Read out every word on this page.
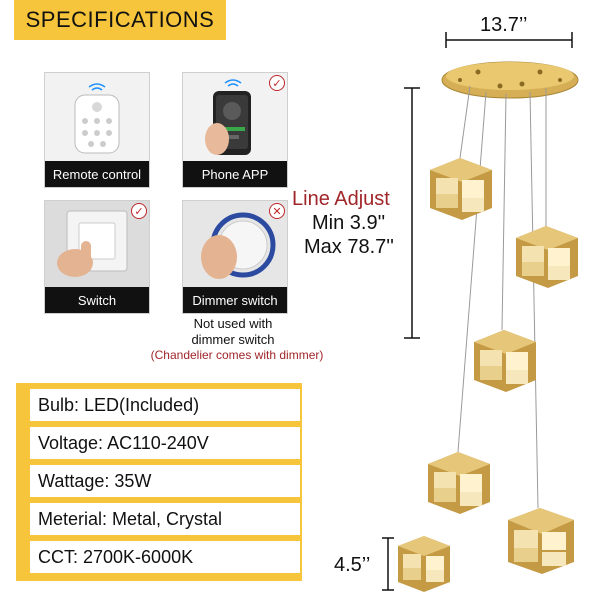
SPECIFICATIONS
Remote control
✓
Phone APP
✓
Switch
✕
Dimmer switch
Not used with
dimmer switch
(Chandelier comes with dimmer)
Bulb: LED(Included)
Voltage: AC110-240V
Wattage: 35W
Meterial: Metal, Crystal
CCT: 2700K-6000K
13.7’’
Line Adjust
Min 3.9''
Max 78.7''
4.5’’
